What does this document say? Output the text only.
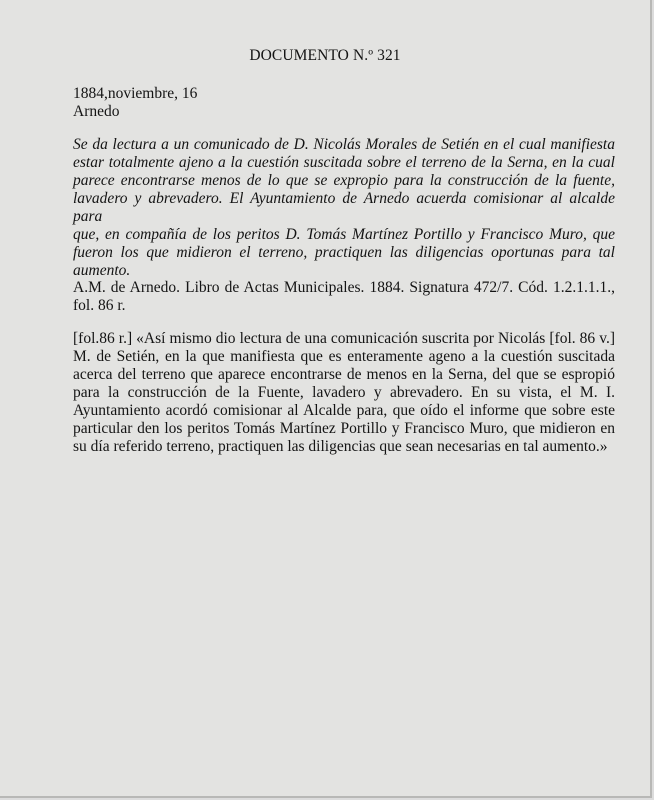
DOCUMENTO N.º 321
1884,noviembre, 16
Arnedo
Se da lectura a un comunicado de D. Nicolás Morales de Setién en el cual manifiesta
estar totalmente ajeno a la cuestión suscitada sobre el terreno de la Serna, en la cual
parece encontrarse menos de lo que se expropio para la construcción de la fuente,
lavadero y abrevadero. El Ayuntamiento de Arnedo acuerda comisionar al alcalde para
que, en compañía de los peritos D. Tomás Martínez Portillo y Francisco Muro, que
fueron los que midieron el terreno, practiquen las diligencias oportunas para tal
aumento.
A.M. de Arnedo. Libro de Actas Municipales. 1884. Signatura 472/7. Cód. 1.2.1.1.1.,
fol. 86 r.
[fol.86 r.] «Así mismo dio lectura de una comunicación suscrita por Nicolás [fol. 86 v.]
M. de Setién, en la que manifiesta que es enteramente ageno a la cuestión suscitada
acerca del terreno que aparece encontrarse de menos en la Serna, del que se espropió
para la construcción de la Fuente, lavadero y abrevadero. En su vista, el M. I.
Ayuntamiento acordó comisionar al Alcalde para, que oído el informe que sobre este
particular den los peritos Tomás Martínez Portillo y Francisco Muro, que midieron en
su día referido terreno, practiquen las diligencias que sean necesarias en tal aumento.»
